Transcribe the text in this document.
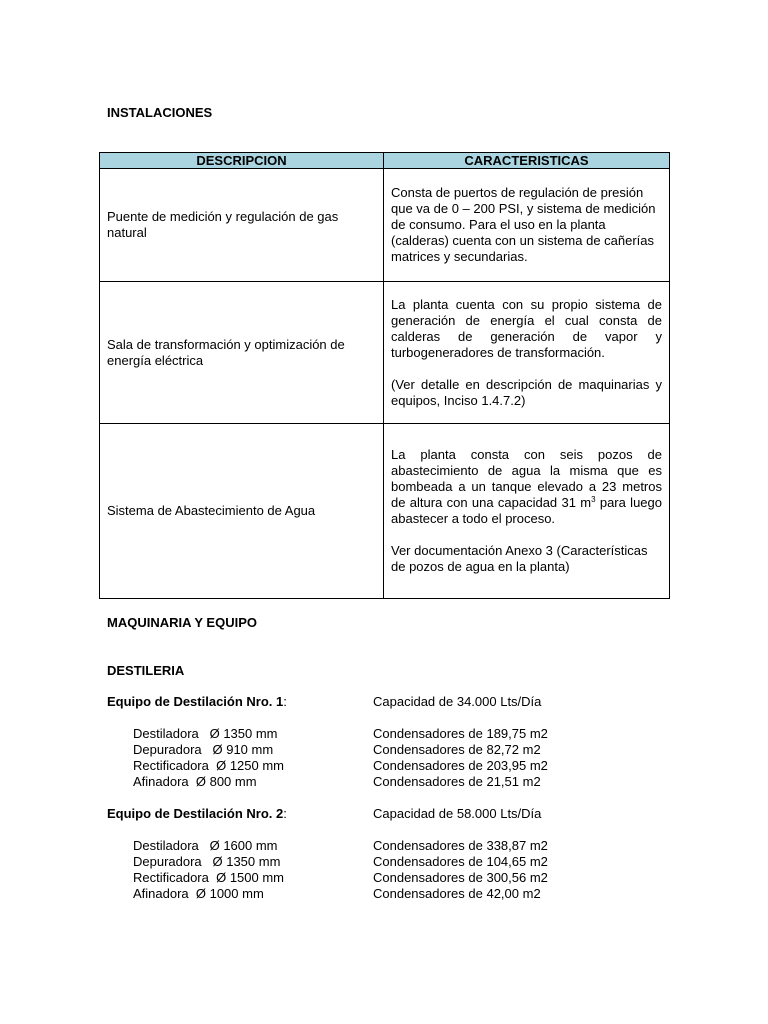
INSTALACIONES
DESCRIPCION	CARACTERISTICAS
Puente de medición y regulación de gas natural	Consta de puertos de regulación de presión que va de 0 – 200 PSI, y sistema de medición de consumo. Para el uso en la planta (calderas) cuenta con un sistema de cañerías matrices y secundarias.

Sala de transformación y optimización de energía eléctrica	La planta cuenta con su propio sistema de generación de energía el cual consta de calderas de generación de vapor y turbogeneradores de transformación.

(Ver detalle en descripción de maquinarias y equipos, Inciso 1.4.7.2)

Sistema de Abastecimiento de Agua	La planta consta con seis pozos de abastecimiento de agua la misma que es bombeada a un tanque elevado a 23 metros de altura con una capacidad 31 $m^3$ para luego abastecer a todo el proceso.

Ver documentación Anexo 3 (Características de pozos de agua en la planta)

MAQUINARIA Y EQUIPO
DESTILERIA
Equipo de Destilación Nro. 1:	Capacidad de 34.000 Lts/Día
Destiladora   Ø 1350 mm	Condensadores de 189,75 m2
Depuradora   Ø 910 mm	Condensadores de 82,72 m2
Rectificadora  Ø 1250 mm	Condensadores de 203,95 m2
Afinadora  Ø 800 mm	Condensadores de 21,51 m2
Equipo de Destilación Nro. 2:	Capacidad de 58.000 Lts/Día
Destiladora   Ø 1600 mm	Condensadores de 338,87 m2
Depuradora   Ø 1350 mm	Condensadores de 104,65 m2
Rectificadora  Ø 1500 mm	Condensadores de 300,56 m2
Afinadora  Ø 1000 mm	Condensadores de 42,00 m2
